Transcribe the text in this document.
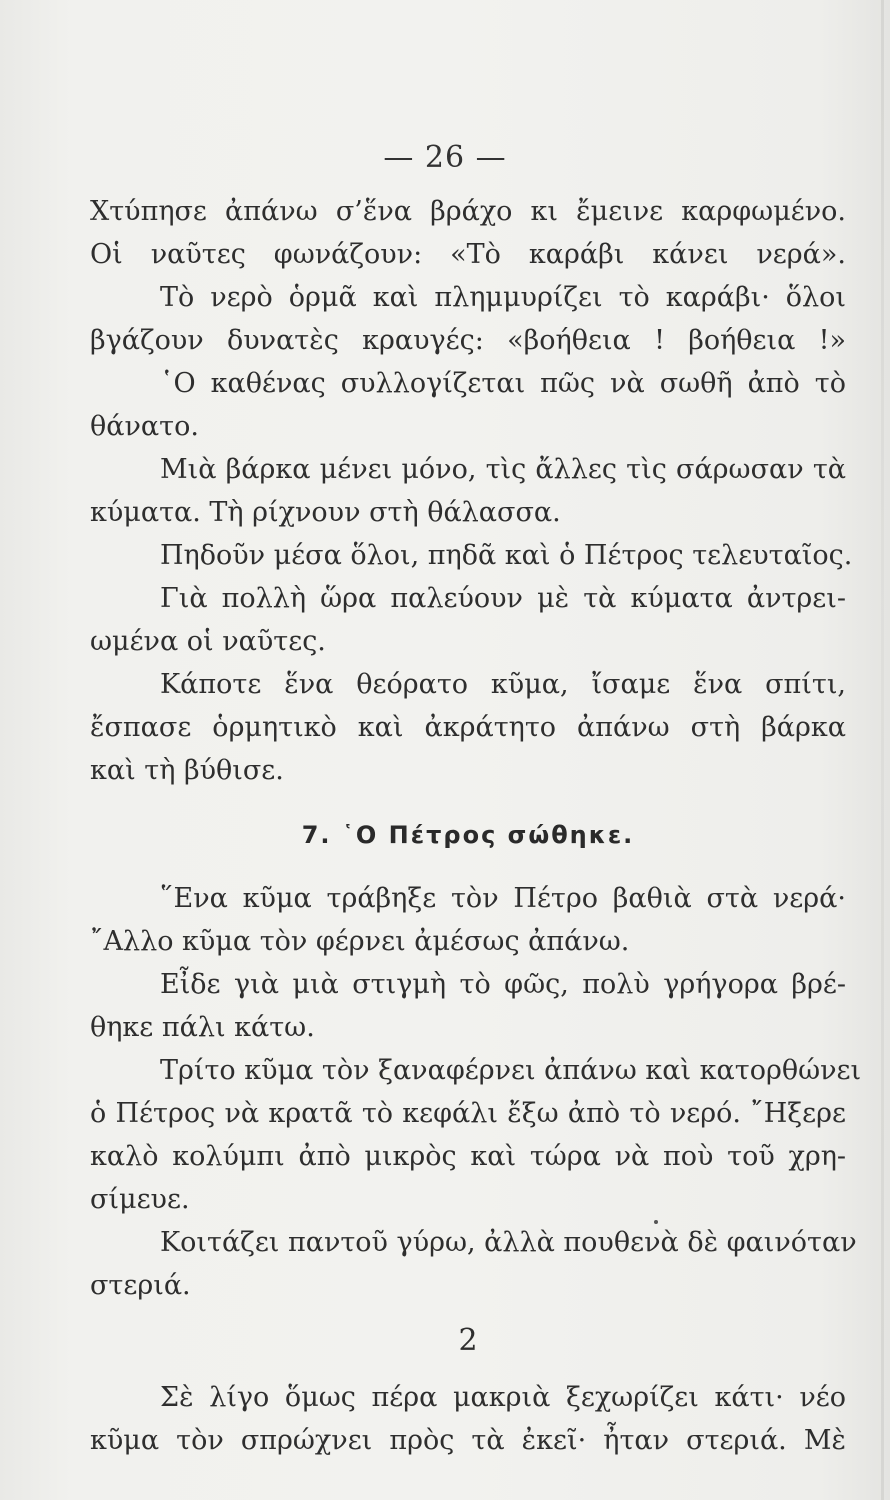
— 26 —
Χτύπησε ἀπάνω σ’ἕνα βράχο κι ἔμεινε καρφωμένο.
Οἱ ναῦτες φωνάζουν: «Τὸ καράβι κάνει νερά».
Τὸ νερὸ ὁρμᾶ καὶ πλημμυρίζει τὸ καράβι· ὅλοι
βγάζουν δυνατὲς κραυγές: «βοήθεια ! βοήθεια !»
῾Ο καθένας συλλογίζεται πῶς νὰ σωθῆ ἀπὸ τὸ
θάνατο.
Μιὰ βάρκα μένει μόνο, τὶς ἄλλες τὶς σάρωσαν τὰ
κύματα. Τὴ ρίχνουν στὴ θάλασσα.
Πηδοῦν μέσα ὅλοι, πηδᾶ καὶ ὁ Πέτρος τελευταῖος.
Γιὰ πολλὴ ὥρα παλεύουν μὲ τὰ κύματα ἀντρει-
ωμένα οἱ ναῦτες.
Κάποτε ἕνα θεόρατο κῦμα, ἴσαμε ἕνα σπίτι,
ἔσπασε ὁρμητικὸ καὶ ἀκράτητο ἀπάνω στὴ βάρκα
καὶ τὴ βύθισε.
7. ῾Ο Πέτρος σώθηκε.
῞Ενα κῦμα τράβηξε τὸν Πέτρο βαθιὰ στὰ νερά·
῎Αλλο κῦμα τὸν φέρνει ἀμέσως ἀπάνω.
Εἶδε γιὰ μιὰ στιγμὴ τὸ φῶς, πολὺ γρήγορα βρέ-
θηκε πάλι κάτω.
Τρίτο κῦμα τὸν ξαναφέρνει ἀπάνω καὶ κατορθώνει
ὁ Πέτρος νὰ κρατᾶ τὸ κεφάλι ἔξω ἀπὸ τὸ νερό. ῎Ηξερε
καλὸ κολύμπι ἀπὸ μικρὸς καὶ τώρα νὰ ποὺ τοῦ χρη-
σίμευε.
Κοιτάζει παντοῦ γύρω, ἀλλὰ πουθενὰ δὲ φαινόταν
στεριά.
2
Σὲ λίγο ὅμως πέρα μακριὰ ξεχωρίζει κάτι· νέο
κῦμα τὸν σπρώχνει πρὸς τὰ ἐκεῖ· ἦταν στεριά. Μὲ
